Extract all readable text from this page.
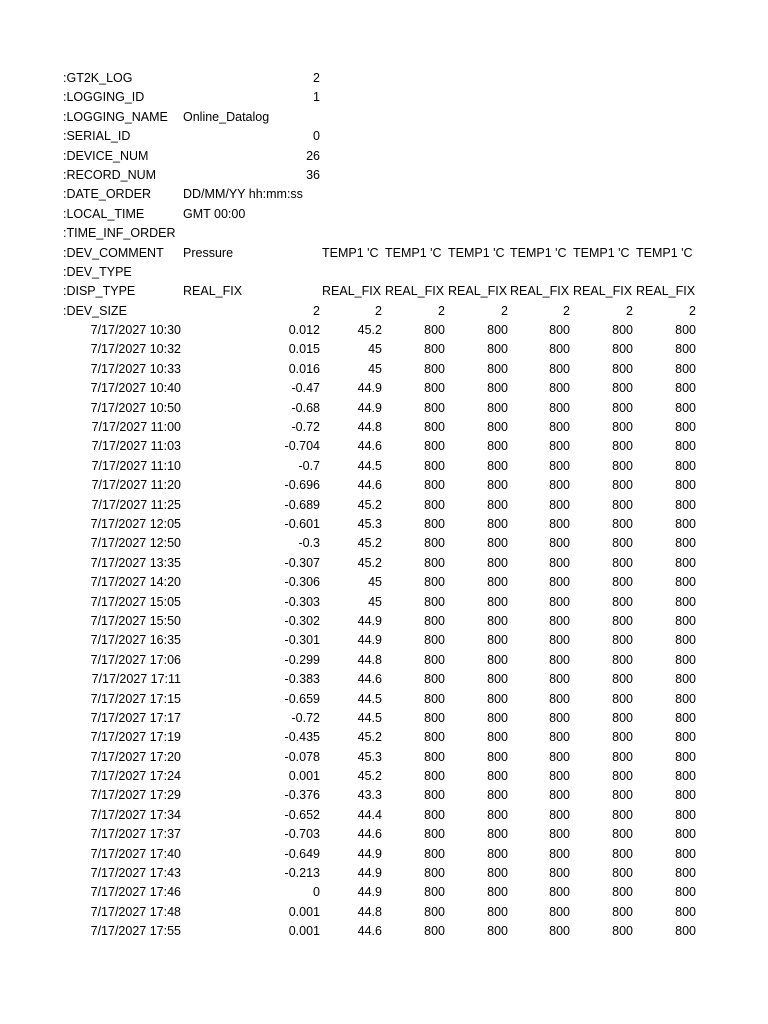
:GT2K_LOG	2
:LOGGING_ID	1
:LOGGING_NAME	Online_Datalog
:SERIAL_ID	0
:DEVICE_NUM	26
:RECORD_NUM	36
:DATE_ORDER	DD/MM/YY hh:mm:ss
:LOCAL_TIME	GMT 00:00
:TIME_INF_ORDER
:DEV_COMMENT	Pressure	TEMP1 'C TEMP1 'C TEMP1 'C TEMP1 'C TEMP1 'C TEMP1 'C
:DEV_TYPE
:DISP_TYPE	REAL_FIX	REAL_FIX REAL_FIX REAL_FIX REAL_FIX REAL_FIX REAL_FIX
:DEV_SIZE	2	2	2	2	2	2	2
7/17/2027 10:30	0.012	45.2	800	800	800	800	800
7/17/2027 10:32	0.015	45	800	800	800	800	800
7/17/2027 10:33	0.016	45	800	800	800	800	800
7/17/2027 10:40	-0.47	44.9	800	800	800	800	800
7/17/2027 10:50	-0.68	44.9	800	800	800	800	800
7/17/2027 11:00	-0.72	44.8	800	800	800	800	800
7/17/2027 11:03	-0.704	44.6	800	800	800	800	800
7/17/2027 11:10	-0.7	44.5	800	800	800	800	800
7/17/2027 11:20	-0.696	44.6	800	800	800	800	800
7/17/2027 11:25	-0.689	45.2	800	800	800	800	800
7/17/2027 12:05	-0.601	45.3	800	800	800	800	800
7/17/2027 12:50	-0.3	45.2	800	800	800	800	800
7/17/2027 13:35	-0.307	45.2	800	800	800	800	800
7/17/2027 14:20	-0.306	45	800	800	800	800	800
7/17/2027 15:05	-0.303	45	800	800	800	800	800
7/17/2027 15:50	-0.302	44.9	800	800	800	800	800
7/17/2027 16:35	-0.301	44.9	800	800	800	800	800
7/17/2027 17:06	-0.299	44.8	800	800	800	800	800
7/17/2027 17:11	-0.383	44.6	800	800	800	800	800
7/17/2027 17:15	-0.659	44.5	800	800	800	800	800
7/17/2027 17:17	-0.72	44.5	800	800	800	800	800
7/17/2027 17:19	-0.435	45.2	800	800	800	800	800
7/17/2027 17:20	-0.078	45.3	800	800	800	800	800
7/17/2027 17:24	0.001	45.2	800	800	800	800	800
7/17/2027 17:29	-0.376	43.3	800	800	800	800	800
7/17/2027 17:34	-0.652	44.4	800	800	800	800	800
7/17/2027 17:37	-0.703	44.6	800	800	800	800	800
7/17/2027 17:40	-0.649	44.9	800	800	800	800	800
7/17/2027 17:43	-0.213	44.9	800	800	800	800	800
7/17/2027 17:46	0	44.9	800	800	800	800	800
7/17/2027 17:48	0.001	44.8	800	800	800	800	800
7/17/2027 17:55	0.001	44.6	800	800	800	800	800
